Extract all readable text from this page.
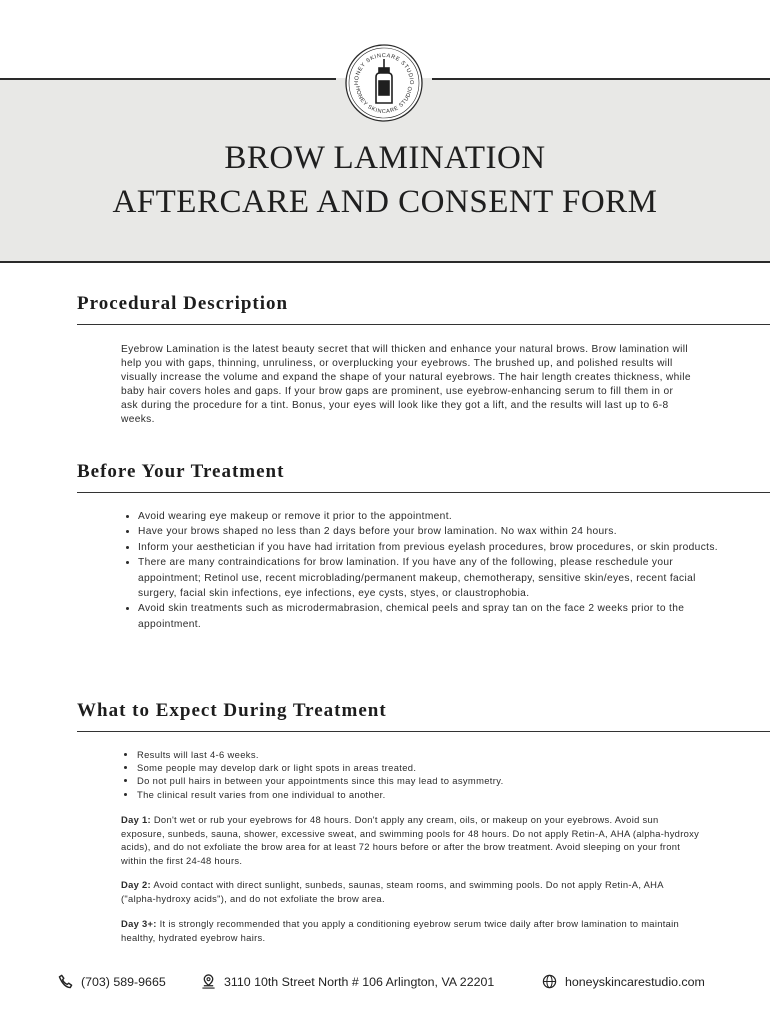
HONEY SKINCARE STUDIO
HONEY SKINCARE STUDIO
BROW LAMINATION
AFTERCARE AND CONSENT FORM
Procedural Description

Eyebrow Lamination is the latest beauty secret that will thicken and enhance your natural brows. Brow lamination will help you with gaps, thinning, unruliness, or overplucking your eyebrows. The brushed up, and polished results will visually increase the volume and expand the shape of your natural eyebrows. The hair length creates thickness, while baby hair covers holes and gaps. If your brow gaps are prominent, use eyebrow-enhancing serum to fill them in or ask during the procedure for a tint. Bonus, your eyes will look like they got a lift, and the results will last up to 6-8 weeks.

Before Your Treatment
• Avoid wearing eye makeup or remove it prior to the appointment.
• Have your brows shaped no less than 2 days before your brow lamination. No wax within 24 hours.
• Inform your aesthetician if you have had irritation from previous eyelash procedures, brow procedures, or skin products.
• There are many contraindications for brow lamination. If you have any of the following, please reschedule your appointment; Retinol use, recent microblading/permanent makeup, chemotherapy, sensitive skin/eyes, recent facial surgery, facial skin infections, eye infections, eye cysts, styes, or claustrophobia.
• Avoid skin treatments such as microdermabrasion, chemical peels and spray tan on the face 2 weeks prior to the appointment.
What to Expect During Treatment
• Results will last 4-6 weeks.
• Some people may develop dark or light spots in areas treated.
• Do not pull hairs in between your appointments since this may lead to asymmetry.
• The clinical result varies from one individual to another.

Day 1: Don't wet or rub your eyebrows for 48 hours. Don't apply any cream, oils, or makeup on your eyebrows. Avoid sun exposure, sunbeds, sauna, shower, excessive sweat, and swimming pools for 48 hours. Do not apply Retin-A, AHA (alpha-hydroxy acids), and do not exfoliate the brow area for at least 72 hours before or after the brow treatment. Avoid sleeping on your front within the first 24-48 hours.

Day 2: Avoid contact with direct sunlight, sunbeds, saunas, steam rooms, and swimming pools. Do not apply Retin-A, AHA ("alpha-hydroxy acids"), and do not exfoliate the brow area.

Day 3+: It is strongly recommended that you apply a conditioning eyebrow serum twice daily after brow lamination to maintain healthy, hydrated eyebrow hairs.

(703) 589-9665	3110 10th Street North # 106 Arlington, VA 22201	honeyskincarestudio.com
